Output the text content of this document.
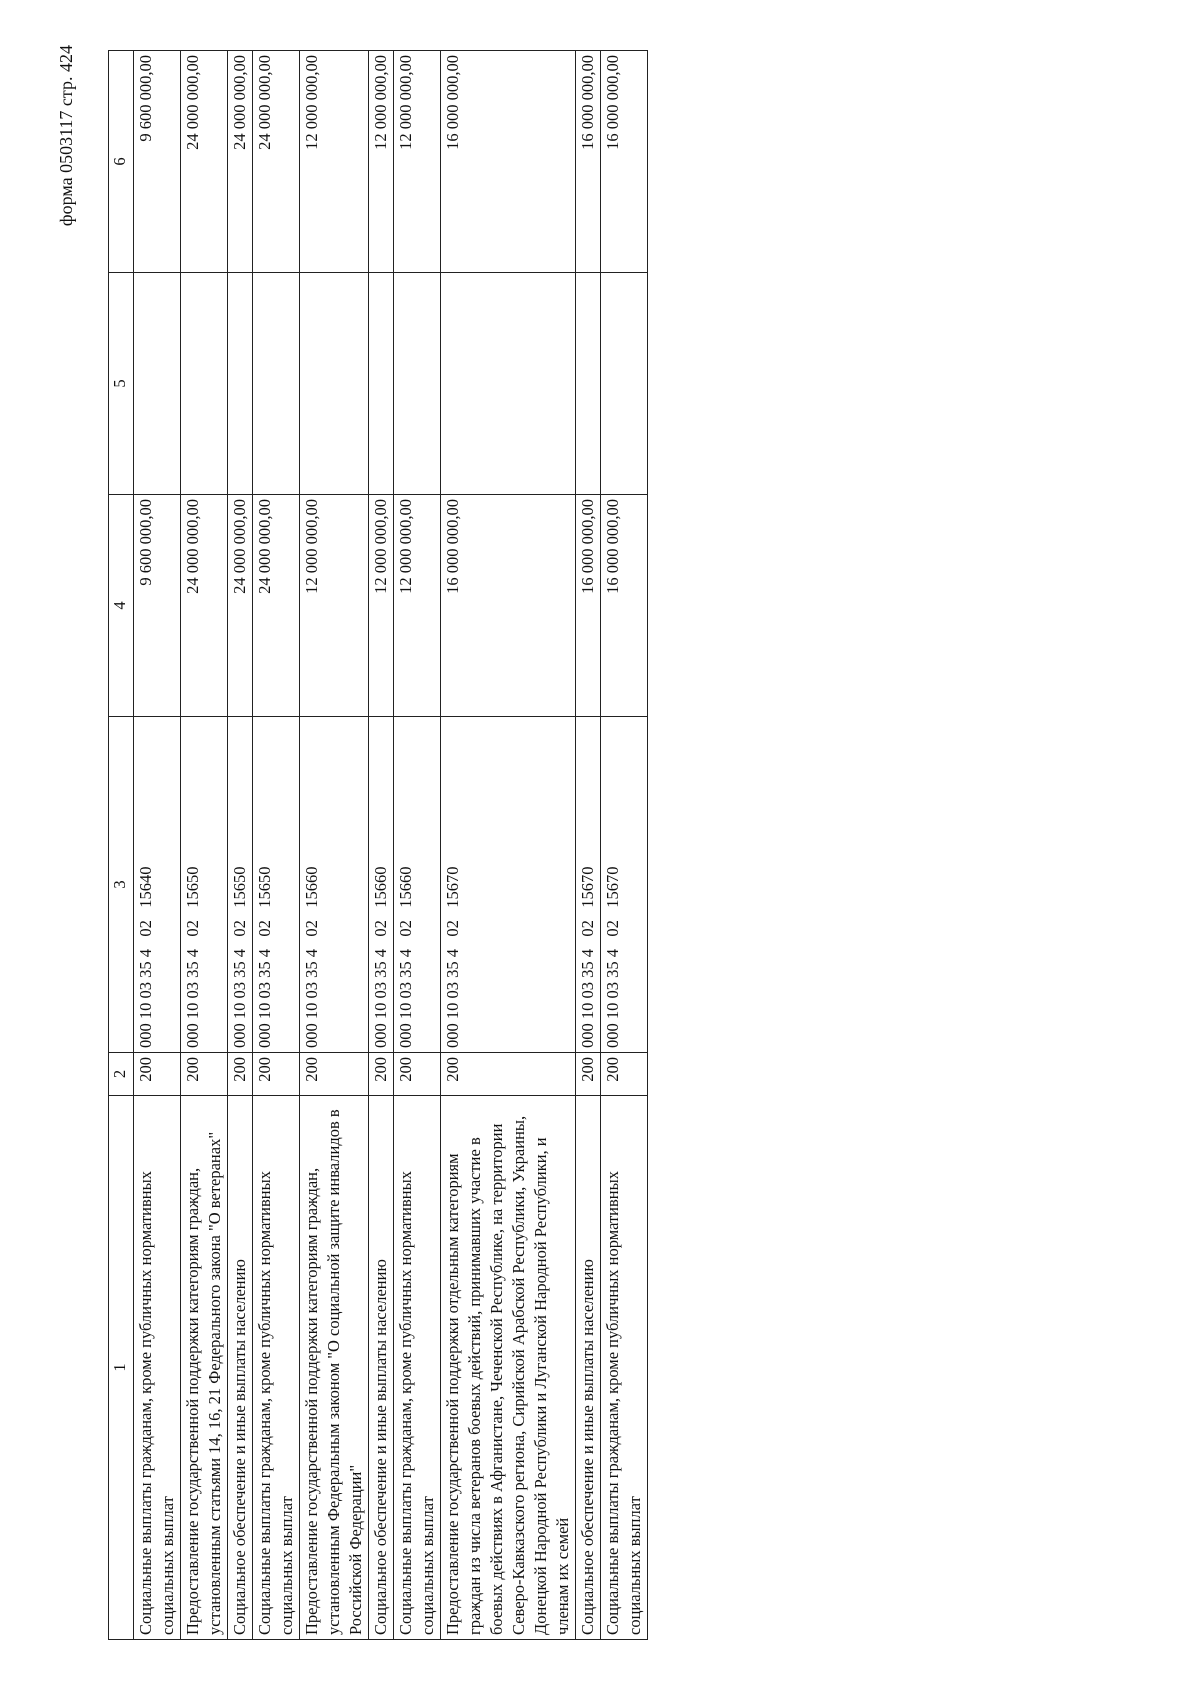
форма 0503117 стр. 424
1	2	3	4	5	6
Социальные выплаты гражданам, кроме публичных нормативных социальных выплат	200	000 10 03 35 4   02   15640	9 600 000,00		9 600 000,00
Предоставление государственной поддержки категориям граждан, установленным статьями 14, 16, 21 Федерального закона "О ветеранах"	200	000 10 03 35 4   02   15650	24 000 000,00		24 000 000,00
Социальное обеспечение и иные выплаты населению	200	000 10 03 35 4   02   15650	24 000 000,00		24 000 000,00
Социальные выплаты гражданам, кроме публичных нормативных социальных выплат	200	000 10 03 35 4   02   15650	24 000 000,00		24 000 000,00
Предоставление государственной поддержки категориям граждан, установленным Федеральным законом "О социальной защите инвалидов в Российской Федерации"	200	000 10 03 35 4   02   15660	12 000 000,00		12 000 000,00
Социальное обеспечение и иные выплаты населению	200	000 10 03 35 4   02   15660	12 000 000,00		12 000 000,00
Социальные выплаты гражданам, кроме публичных нормативных социальных выплат	200	000 10 03 35 4   02   15660	12 000 000,00		12 000 000,00
Предоставление государственной поддержки отдельным категориям граждан из числа ветеранов боевых действий, принимавших участие в боевых действиях в Афганистане, Чеченской Республике, на территории Северо-Кавказского региона, Сирийской Арабской Республики, Украины, Донецкой Народной Республики и Луганской Народной Республики, и членам их семей	200	000 10 03 35 4   02   15670	16 000 000,00		16 000 000,00
Социальное обеспечение и иные выплаты населению	200	000 10 03 35 4   02   15670	16 000 000,00		16 000 000,00
Социальные выплаты гражданам, кроме публичных нормативных социальных выплат	200	000 10 03 35 4   02   15670	16 000 000,00		16 000 000,00
